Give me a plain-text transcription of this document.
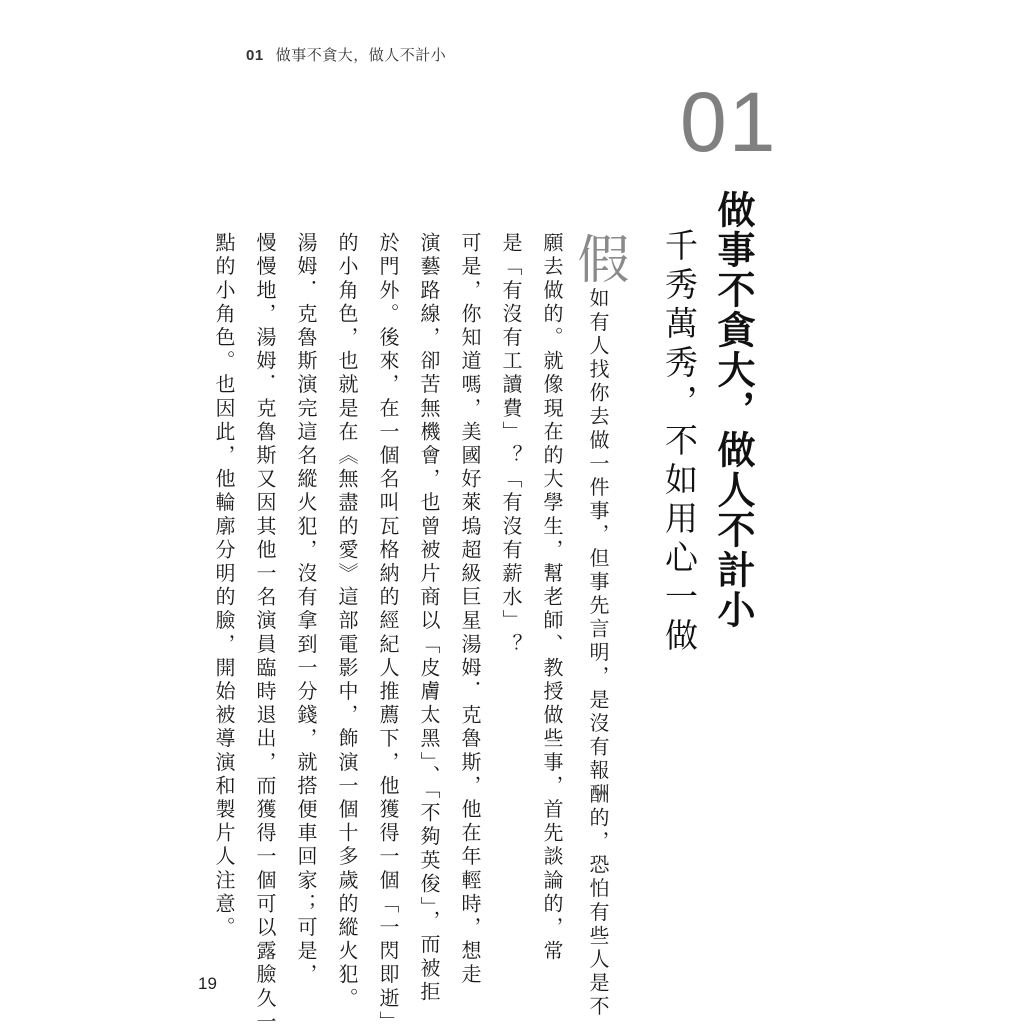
01 做事不貪大，做人不計小
01
做事不貪大，做人不計小
千秀萬秀，不如用心一做

假如有人找你去做一件事，但事先言明，是沒有報酬的，恐怕有些人是不

願去做的。就像現在的大學生，幫老師、教授做些事，首先談論的，常

是「有沒有工讀費」？「有沒有薪水」？

可是，你知道嗎，美國好萊塢超級巨星湯姆．克魯斯，他在年輕時，想走

演藝路線，卻苦無機會，也曾被片商以「皮膚太黑」、「不夠英俊」，而被拒

於門外。後來，在一個名叫瓦格納的經紀人推薦下，他獲得一個「一閃即逝」

的小角色，也就是在《無盡的愛》這部電影中，飾演一個十多歲的縱火犯。

湯姆．克魯斯演完這名縱火犯，沒有拿到一分錢，就搭便車回家；可是，

慢慢地，湯姆．克魯斯又因其他一名演員臨時退出，而獲得一個可以露臉久一

點的小角色。也因此，他輪廓分明的臉，開始被導演和製片人注意。

19
